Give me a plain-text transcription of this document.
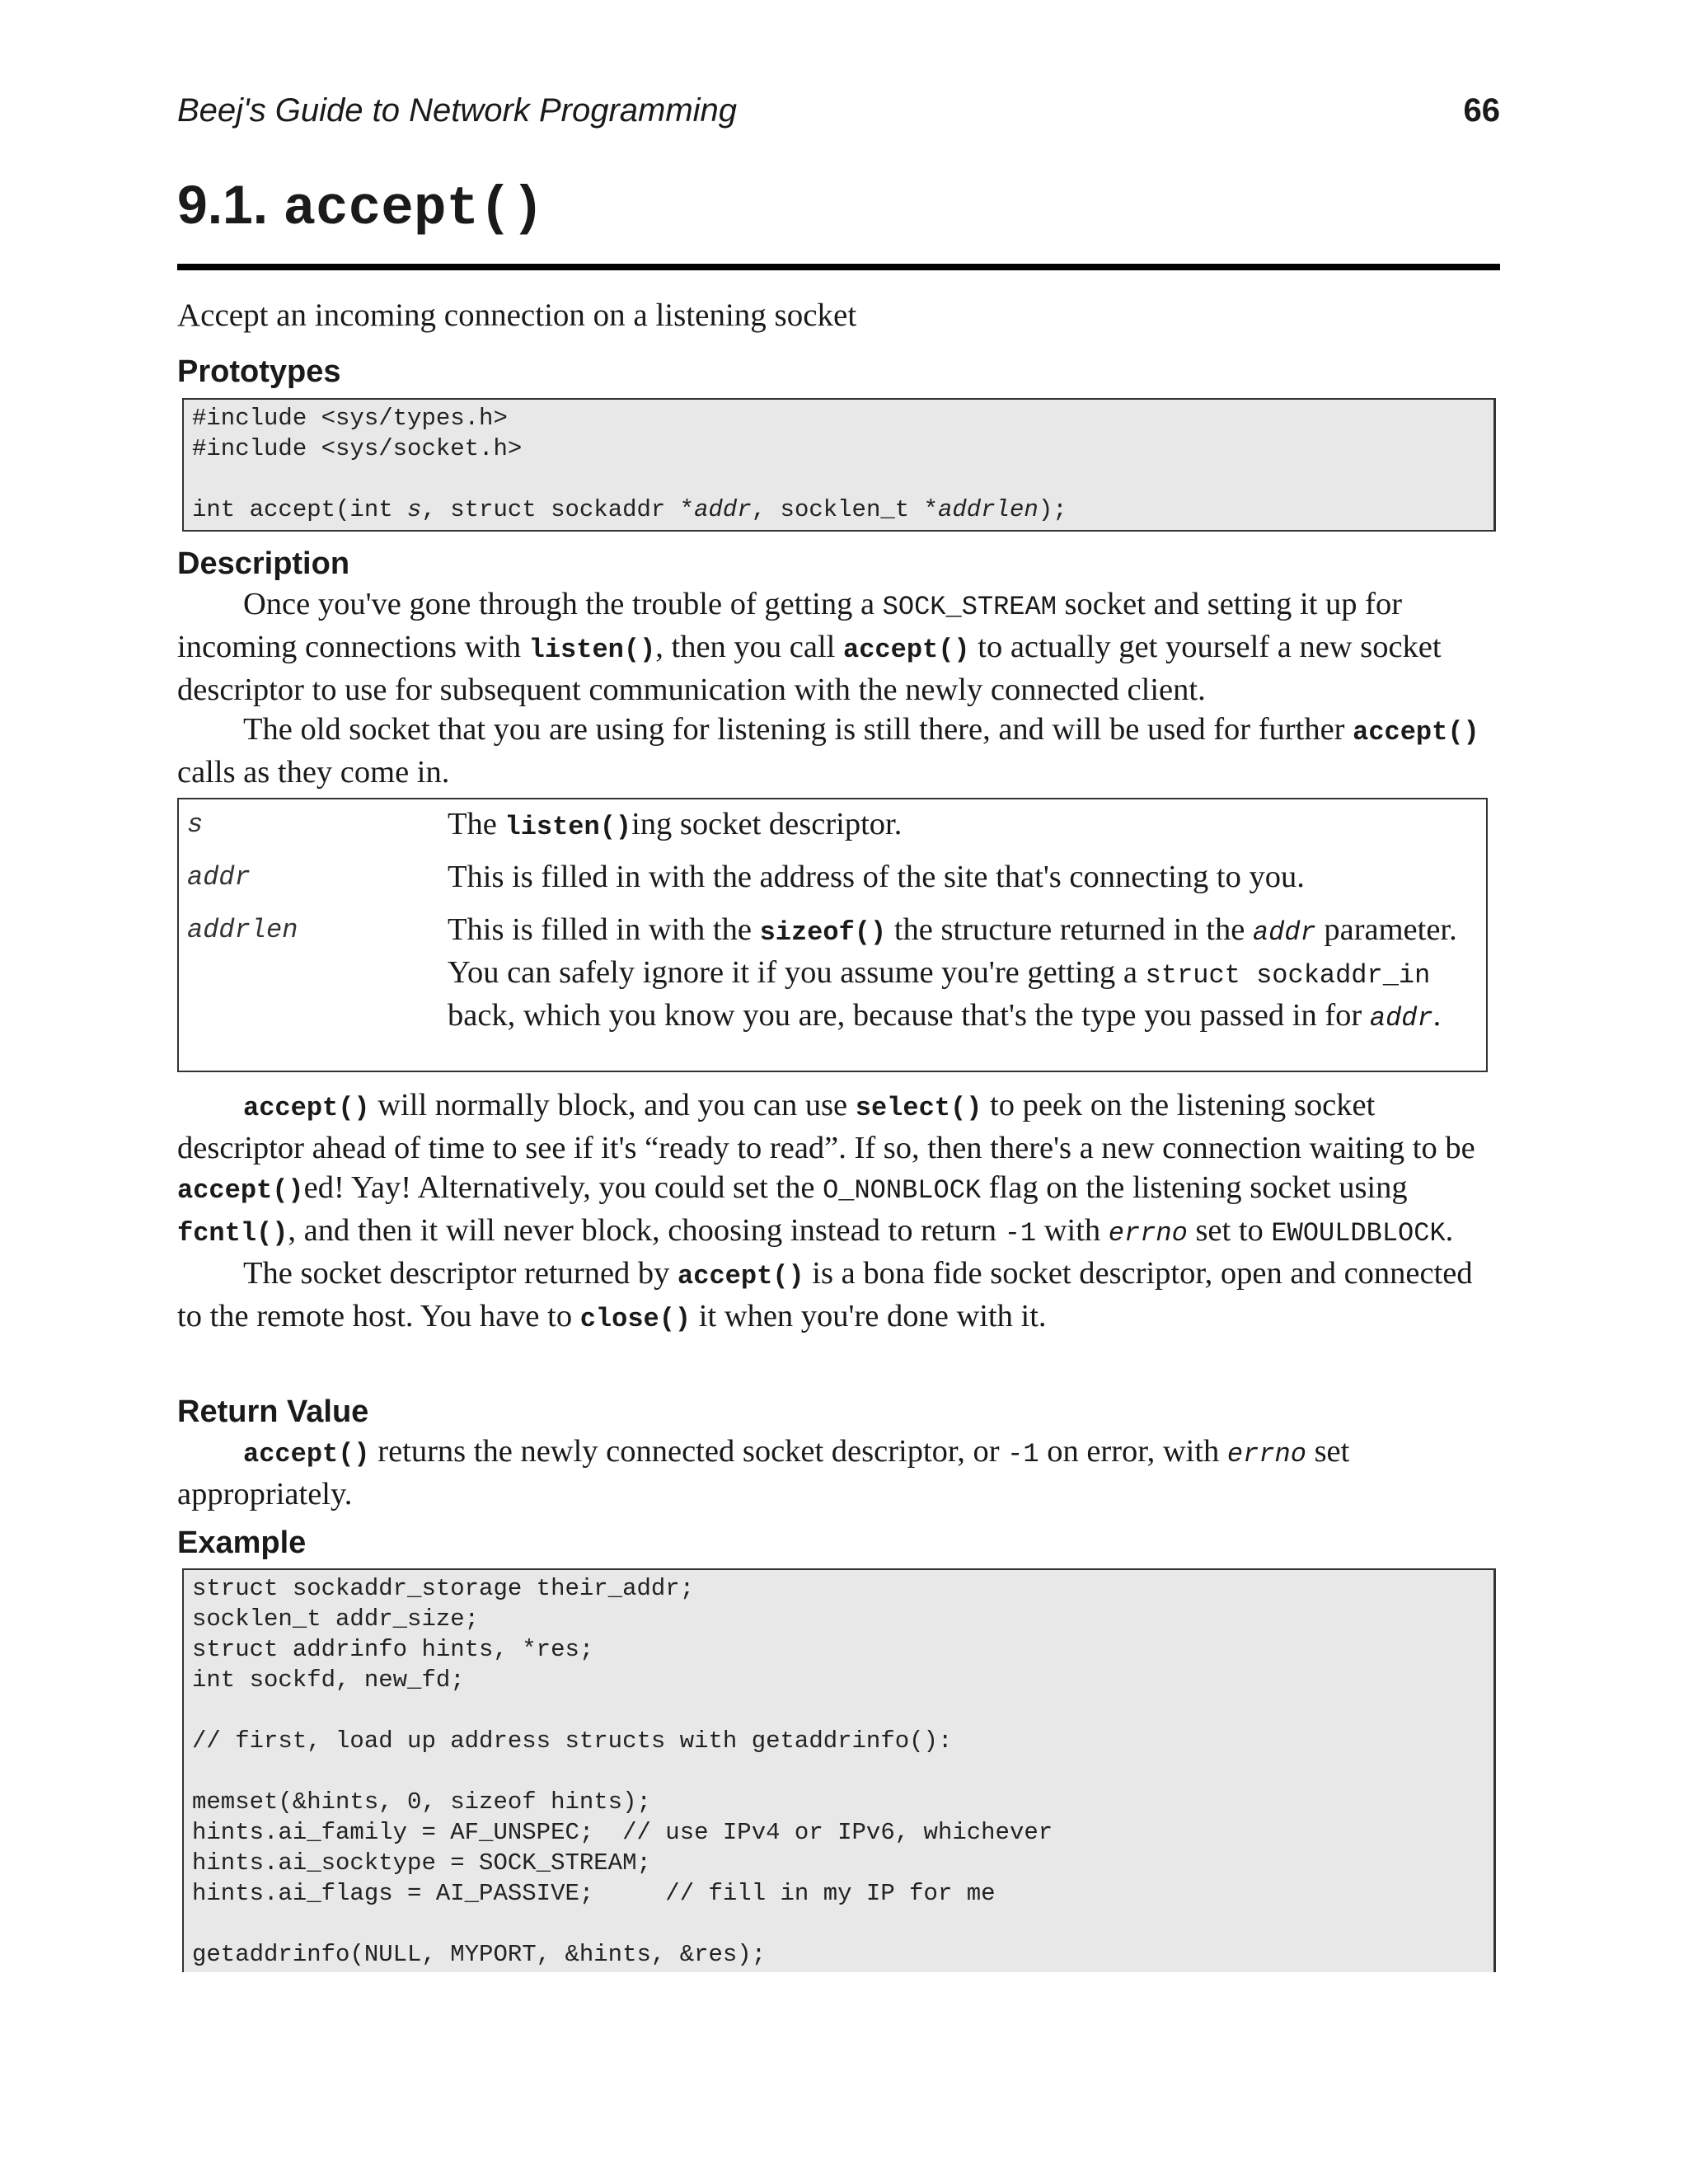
Beej's Guide to Network Programming	66
9.1. accept()
Accept an incoming connection on a listening socket
Prototypes
#include <sys/types.h>
#include <sys/socket.h>

int accept(int s, struct sockaddr *addr, socklen_t *addrlen);
Description

Once you've gone through the trouble of getting a SOCK_STREAM socket and setting it up for incoming connections with listen(), then you call accept() to actually get yourself a new socket descriptor to use for subsequent communication with the newly connected client.

The old socket that you are using for listening is still there, and will be used for further accept() calls as they come in.

s	The listen()ing socket descriptor.
addr	This is filled in with the address of the site that's connecting to you.
addrlen	This is filled in with the sizeof() the structure returned in the addr parameter. You can safely ignore it if you assume you're getting a struct sockaddr_in back, which you know you are, because that's the type you passed in for addr.

accept() will normally block, and you can use select() to peek on the listening socket descriptor ahead of time to see if it's “ready to read”. If so, then there's a new connection waiting to be accept()ed! Yay! Alternatively, you could set the O_NONBLOCK flag on the listening socket using fcntl(), and then it will never block, choosing instead to return -1 with errno set to EWOULDBLOCK.

The socket descriptor returned by accept() is a bona fide socket descriptor, open and connected to the remote host. You have to close() it when you're done with it.

Return Value

accept() returns the newly connected socket descriptor, or -1 on error, with errno set appropriately.

Example
struct sockaddr_storage their_addr;
socklen_t addr_size;
struct addrinfo hints, *res;
int sockfd, new_fd;

// first, load up address structs with getaddrinfo():

memset(&hints, 0, sizeof hints);
hints.ai_family = AF_UNSPEC;  // use IPv4 or IPv6, whichever
hints.ai_socktype = SOCK_STREAM;
hints.ai_flags = AI_PASSIVE;     // fill in my IP for me

getaddrinfo(NULL, MYPORT, &hints, &res);
